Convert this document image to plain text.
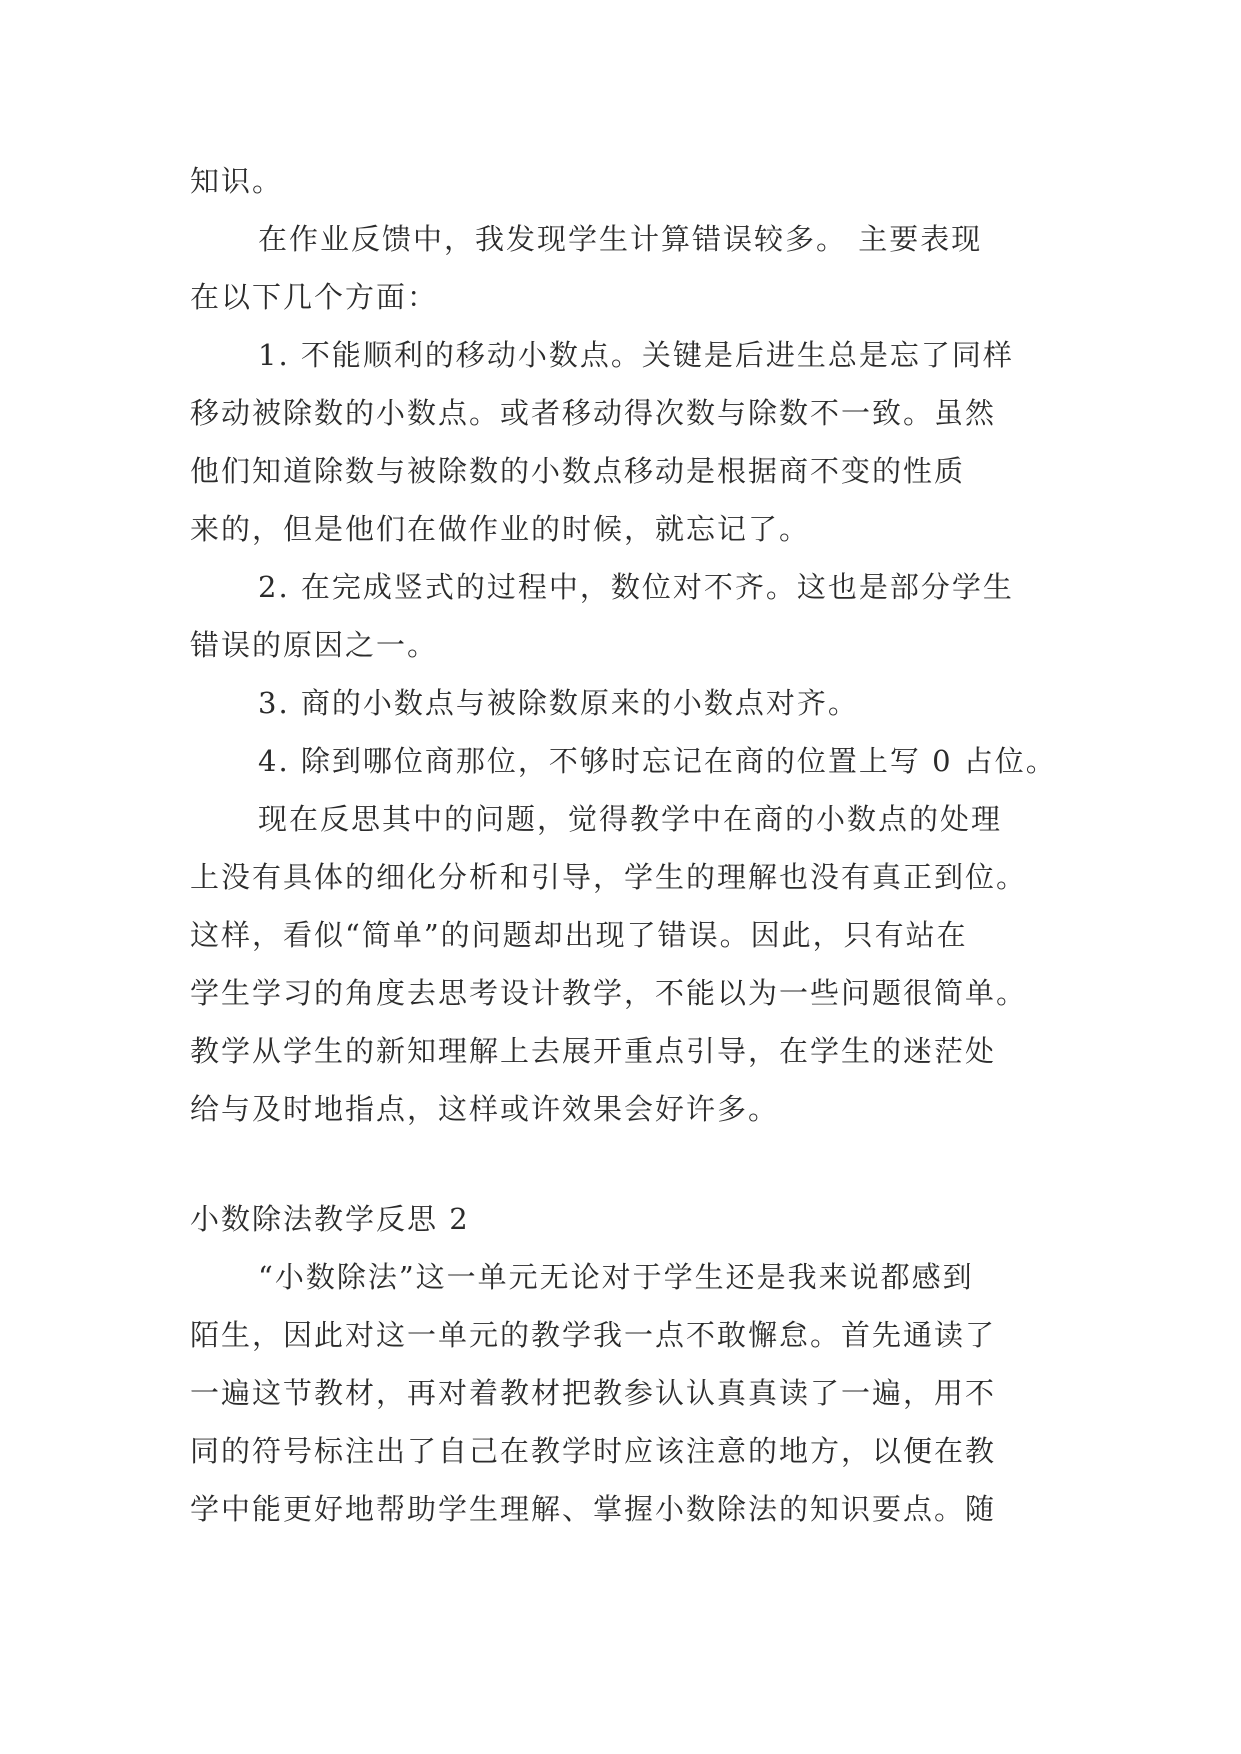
知识。
在作业反馈中，我发现学生计算错误较多。 主要表现
在以下几个方面：
1. 不能顺利的移动小数点。关键是后进生总是忘了同样
移动被除数的小数点。或者移动得次数与除数不一致。虽然
他们知道除数与被除数的小数点移动是根据商不变的性质
来的，但是他们在做作业的时候，就忘记了。
2. 在完成竖式的过程中，数位对不齐。这也是部分学生
错误的原因之一。
3. 商的小数点与被除数原来的小数点对齐。
4. 除到哪位商那位，不够时忘记在商的位置上写 0 占位。
现在反思其中的问题，觉得教学中在商的小数点的处理
上没有具体的细化分析和引导，学生的理解也没有真正到位。
这样，看似“简单”的问题却出现了错误。因此，只有站在
学生学习的角度去思考设计教学，不能以为一些问题很简单。
教学从学生的新知理解上去展开重点引导，在学生的迷茫处
给与及时地指点，这样或许效果会好许多。
小数除法教学反思 2
“小数除法”这一单元无论对于学生还是我来说都感到
陌生，因此对这一单元的教学我一点不敢懈怠。首先通读了
一遍这节教材，再对着教材把教参认认真真读了一遍，用不
同的符号标注出了自己在教学时应该注意的地方，以便在教
学中能更好地帮助学生理解、掌握小数除法的知识要点。随
